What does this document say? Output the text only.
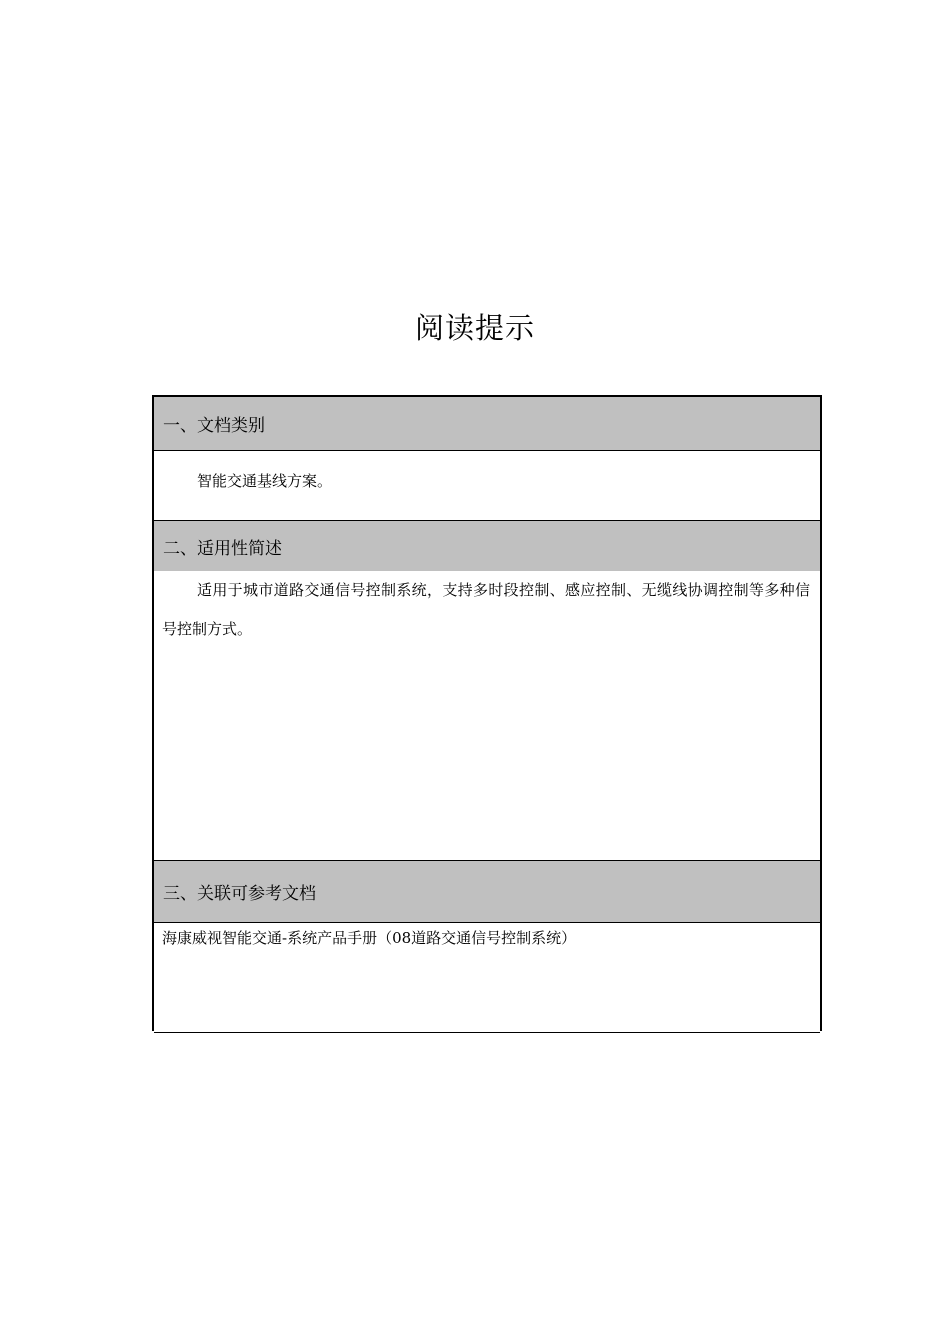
阅读提示
一、文档类别

智能交通基线方案。

二、适用性简述

适用于城市道路交通信号控制系统，支持多时段控制、感应控制、无缆线协调控制等多种信号控制方式。

三、关联可参考文档

海康威视智能交通-系统产品手册（08道路交通信号控制系统）
